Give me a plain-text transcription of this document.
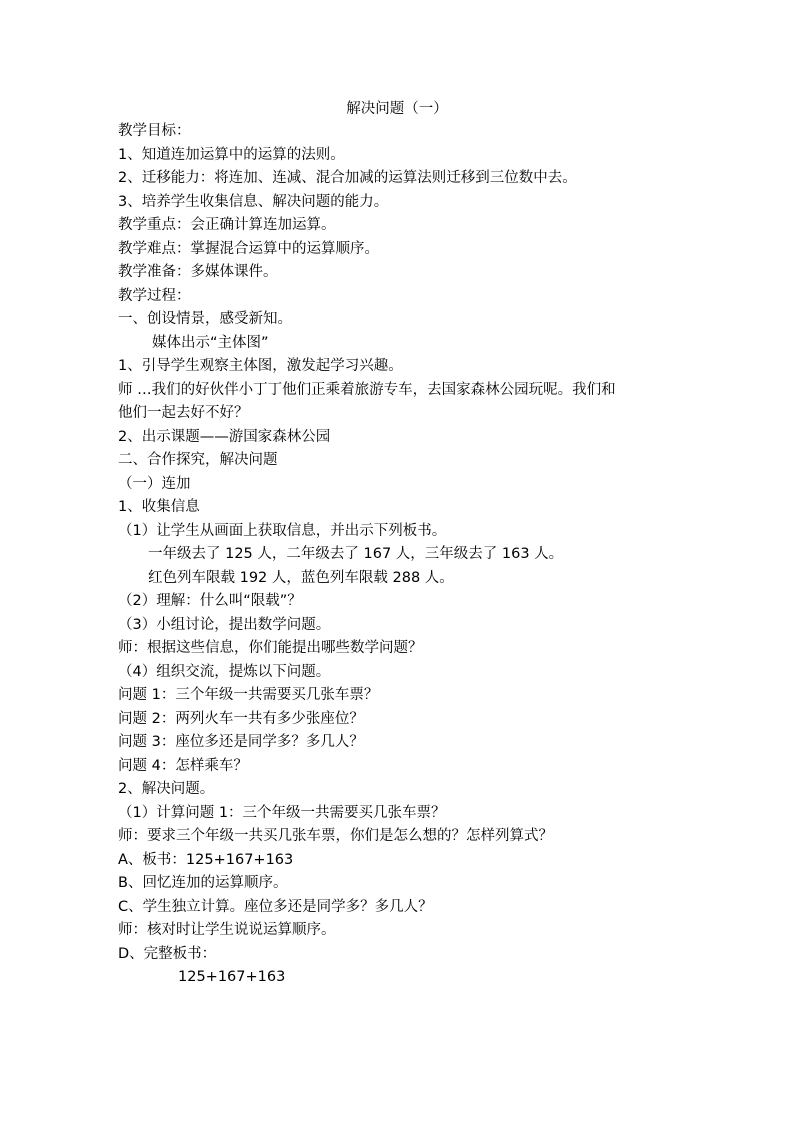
解决问题（一）
教学目标：
1、知道连加运算中的运算的法则。
2、迁移能力：将连加、连减、混合加减的运算法则迁移到三位数中去。
3、培养学生收集信息、解决问题的能力。
教学重点：会正确计算连加运算。
教学难点：掌握混合运算中的运算顺序。
教学准备：多媒体课件。
教学过程：
一、创设情景，感受新知。
媒体出示“主体图”
1、引导学生观察主体图，激发起学习兴趣。
师 …我们的好伙伴小丁丁他们正乘着旅游专车，去国家森林公园玩呢。我们和
他们一起去好不好？
2、出示课题——游国家森林公园
二、合作探究，解决问题
（一）连加
1、收集信息
（1）让学生从画面上获取信息，并出示下列板书。
一年级去了 125 人，二年级去了 167 人，三年级去了 163 人。
红色列车限载 192 人，蓝色列车限载 288 人。
（2）理解：什么叫“限载”？
（3）小组讨论，提出数学问题。
师：根据这些信息，你们能提出哪些数学问题？
（4）组织交流，提炼以下问题。
问题 1：三个年级一共需要买几张车票？
问题 2：两列火车一共有多少张座位？
问题 3：座位多还是同学多？多几人？
问题 4：怎样乘车？
2、解决问题。
（1）计算问题 1：三个年级一共需要买几张车票？
师：要求三个年级一共买几张车票，你们是怎么想的？怎样列算式？
A、板书：125+167+163
B、回忆连加的运算顺序。
C、学生独立计算。座位多还是同学多？多几人？
师：核对时让学生说说运算顺序。
D、完整板书：
125+167+163
